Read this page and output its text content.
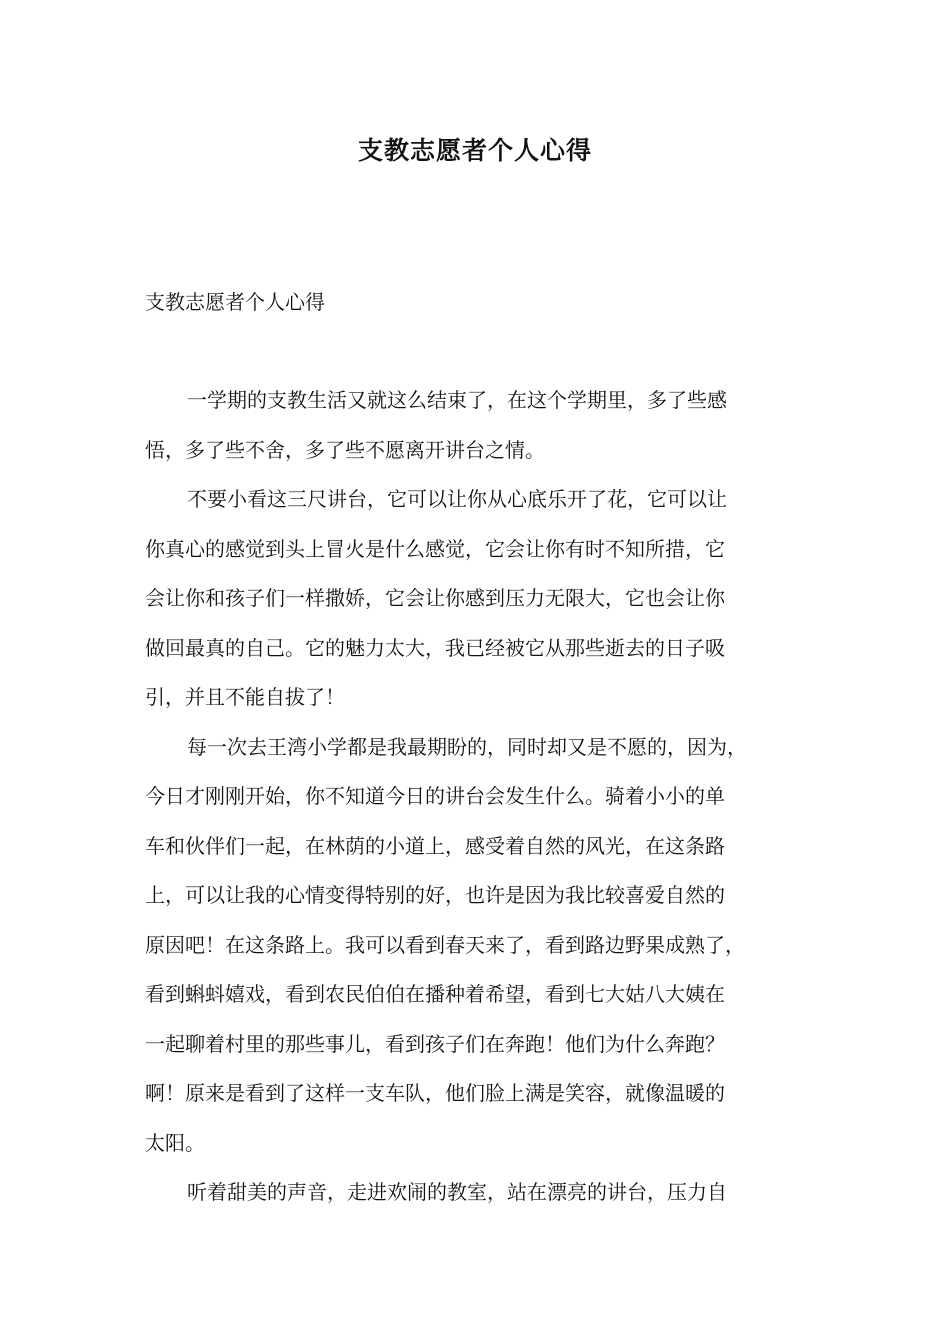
支教志愿者个人心得

支教志愿者个人心得

一学期的支教生活又就这么结束了，在这个学期里，多了些感
悟，多了些不舍，多了些不愿离开讲台之情。
不要小看这三尺讲台，它可以让你从心底乐开了花，它可以让
你真心的感觉到头上冒火是什么感觉，它会让你有时不知所措，它
会让你和孩子们一样撒娇，它会让你感到压力无限大，它也会让你
做回最真的自己。它的魅力太大，我已经被它从那些逝去的日子吸
引，并且不能自拔了！
每一次去王湾小学都是我最期盼的，同时却又是不愿的，因为，
今日才刚刚开始，你不知道今日的讲台会发生什么。骑着小小的单
车和伙伴们一起，在林荫的小道上，感受着自然的风光，在这条路
上，可以让我的心情变得特别的好，也许是因为我比较喜爱自然的
原因吧！在这条路上。我可以看到春天来了，看到路边野果成熟了，
看到蝌蚪嬉戏，看到农民伯伯在播种着希望，看到七大姑八大姨在
一起聊着村里的那些事儿，看到孩子们在奔跑！他们为什么奔跑？
啊！原来是看到了这样一支车队，他们脸上满是笑容，就像温暖的
太阳。
听着甜美的声音，走进欢闹的教室，站在漂亮的讲台，压力自
